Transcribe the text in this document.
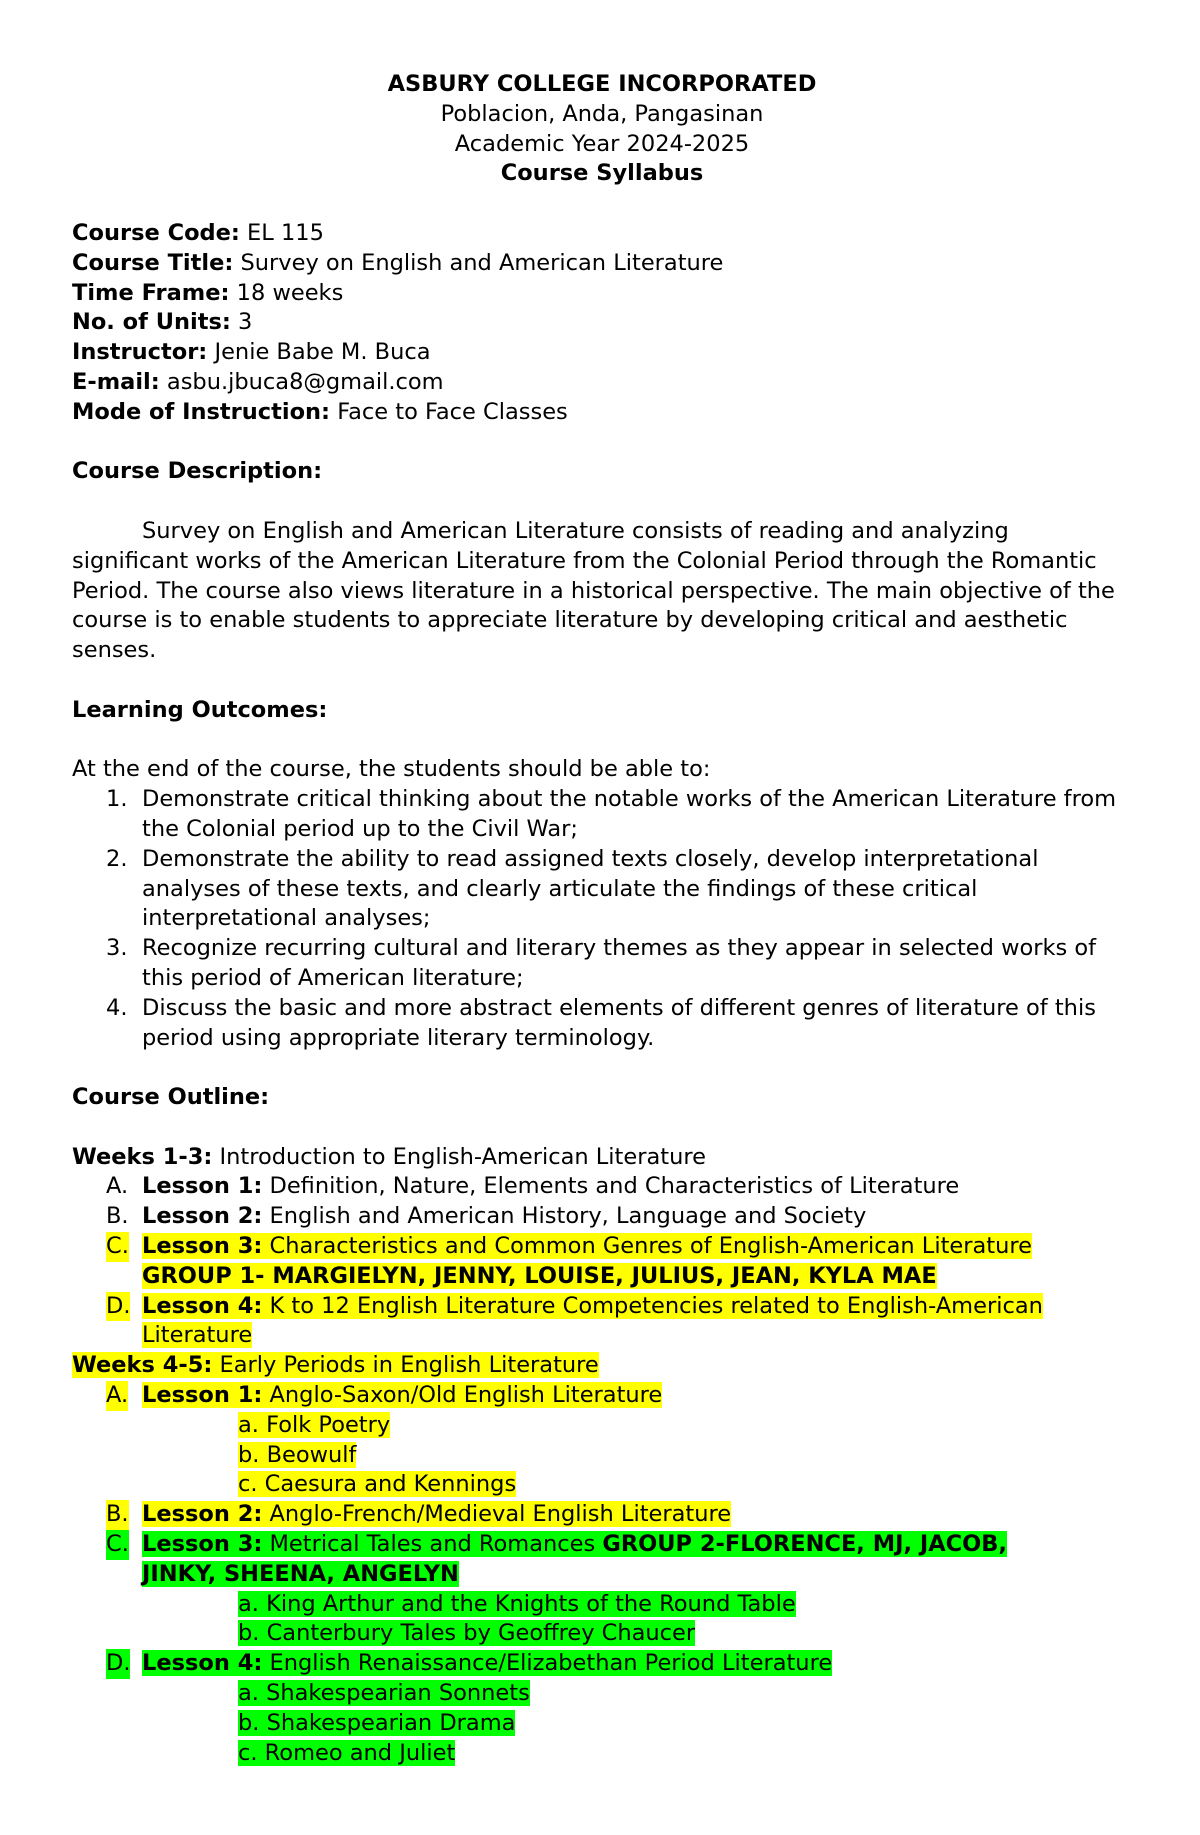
ASBURY COLLEGE INCORPORATED
Poblacion, Anda, Pangasinan
Academic Year 2024-2025
Course Syllabus
Course Code: EL 115
Course Title: Survey on English and American Literature
Time Frame: 18 weeks
No. of Units: 3
Instructor: Jenie Babe M. Buca
E-mail: asbu.jbuca8@gmail.com
Mode of Instruction: Face to Face Classes
Course Description:
Survey on English and American Literature consists of reading and analyzing significant works of the American Literature from the Colonial Period through the Romantic Period. The course also views literature in a historical perspective. The main objective of the course is to enable students to appreciate literature by developing critical and aesthetic senses.
Learning Outcomes:
At the end of the course, the students should be able to:
1. Demonstrate critical thinking about the notable works of the American Literature from the Colonial period up to the Civil War;
2. Demonstrate the ability to read assigned texts closely, develop interpretational analyses of these texts, and clearly articulate the findings of these critical interpretational analyses;
3. Recognize recurring cultural and literary themes as they appear in selected works of this period of American literature;
4. Discuss the basic and more abstract elements of different genres of literature of this period using appropriate literary terminology.
Course Outline:
Weeks 1-3: Introduction to English-American Literature
A. Lesson 1: Definition, Nature, Elements and Characteristics of Literature
B. Lesson 2: English and American History, Language and Society
C. Lesson 3: Characteristics and Common Genres of English-American Literature
GROUP 1- MARGIELYN, JENNY, LOUISE, JULIUS, JEAN, KYLA MAE
D. Lesson 4: K to 12 English Literature Competencies related to English-American
Literature
Weeks 4-5: Early Periods in English Literature
A. Lesson 1: Anglo-Saxon/Old English Literature
a. Folk Poetry
b. Beowulf
c. Caesura and Kennings
B. Lesson 2: Anglo-French/Medieval English Literature
C. Lesson 3: Metrical Tales and Romances GROUP 2-FLORENCE, MJ, JACOB,
JINKY, SHEENA, ANGELYN
a. King Arthur and the Knights of the Round Table
b. Canterbury Tales by Geoffrey Chaucer
D. Lesson 4: English Renaissance/Elizabethan Period Literature
a. Shakespearian Sonnets
b. Shakespearian Drama
c. Romeo and Juliet
